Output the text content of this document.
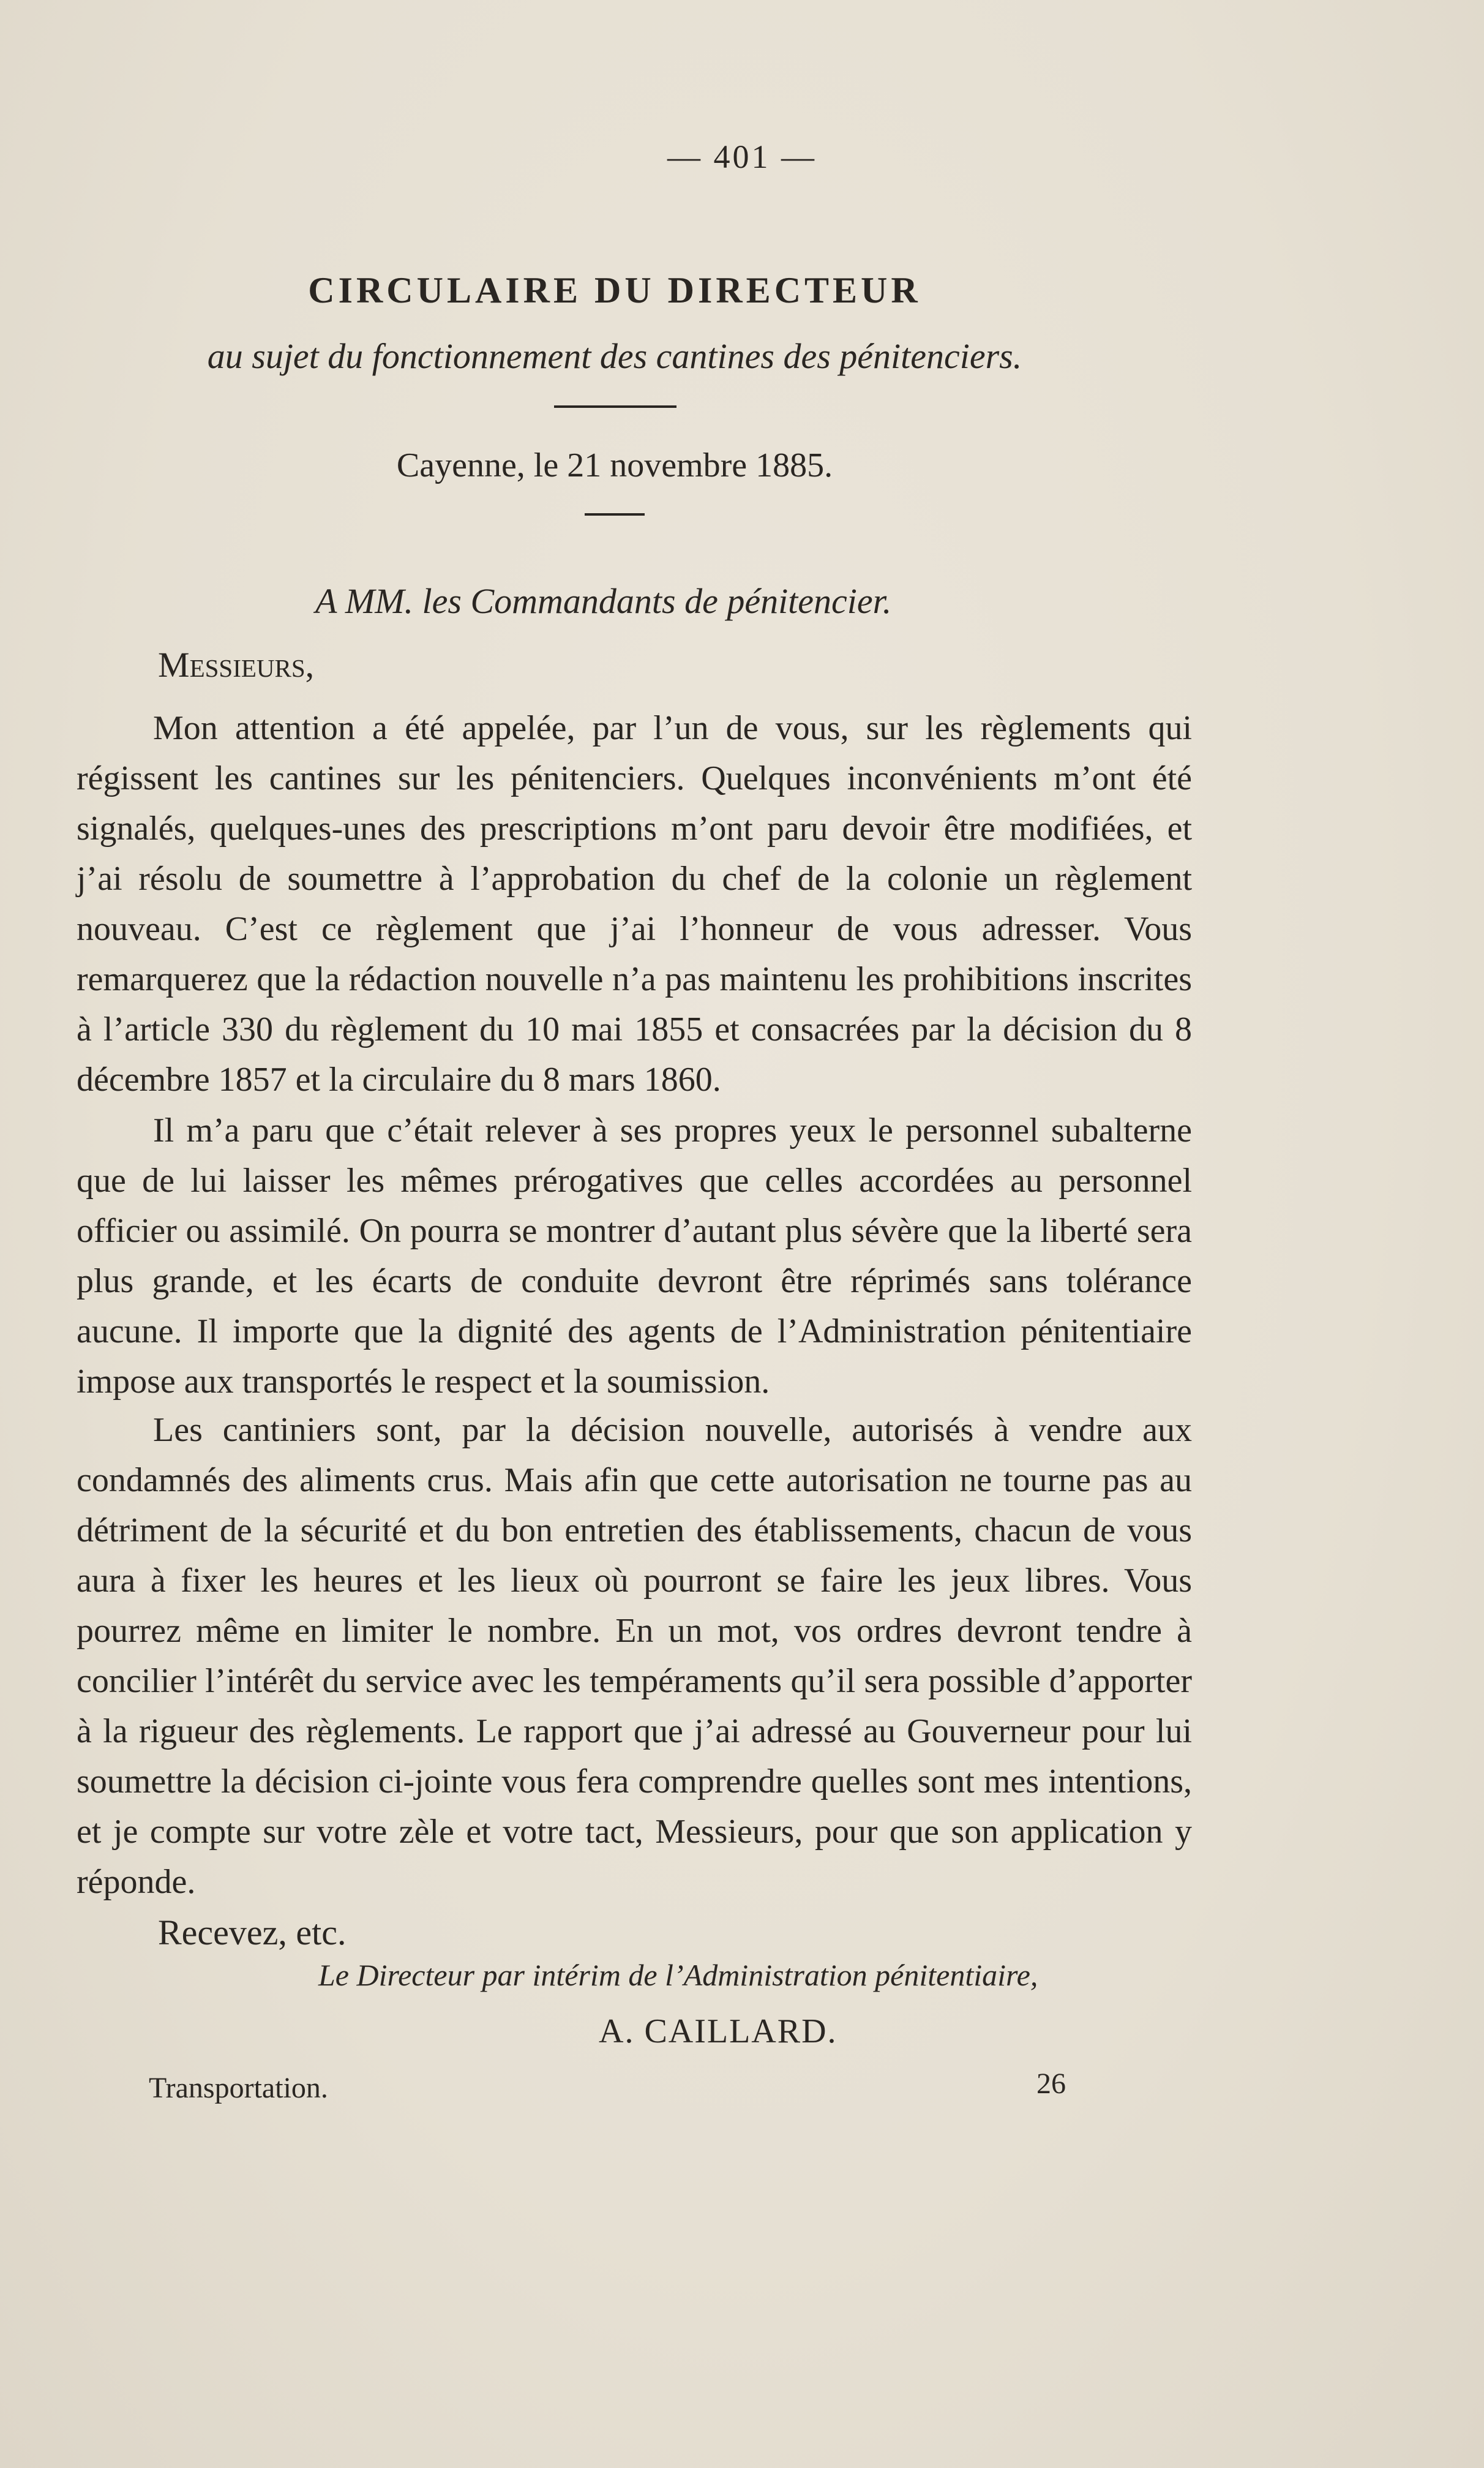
— 401 —
CIRCULAIRE DU DIRECTEUR
au sujet du fonctionnement des cantines des pénitenciers.
Cayenne, le 21 novembre 1885.
A MM. les Commandants de pénitencier.
Messieurs,
Mon attention a été appelée, par l’un de vous, sur les règlements qui régissent les cantines sur les pénitenciers. Quelques inconvénients m’ont été signalés, quelques-unes des prescriptions m’ont paru devoir être modifiées, et j’ai résolu de soumettre à l’approbation du chef de la colonie un règlement nouveau. C’est ce règlement que j’ai l’honneur de vous adresser. Vous remarquerez que la rédaction nouvelle n’a pas maintenu les prohibitions inscrites à l’article 330 du règlement du 10 mai 1855 et consacrées par la décision du 8 décembre 1857 et la circulaire du 8 mars 1860.
Il m’a paru que c’était relever à ses propres yeux le personnel subalterne que de lui laisser les mêmes prérogatives que celles accordées au personnel officier ou assimilé. On pourra se montrer d’autant plus sévère que la liberté sera plus grande, et les écarts de conduite devront être réprimés sans tolérance aucune. Il importe que la dignité des agents de l’Administration pénitentiaire impose aux transportés le respect et la soumission.
Les cantiniers sont, par la décision nouvelle, autorisés à vendre aux condamnés des aliments crus. Mais afin que cette autorisation ne tourne pas au détriment de la sécurité et du bon entretien des établissements, chacun de vous aura à fixer les heures et les lieux où pourront se faire les jeux libres. Vous pourrez même en limiter le nombre. En un mot, vos ordres devront tendre à concilier l’intérêt du service avec les tempéraments qu’il sera possible d’apporter à la rigueur des règlements. Le rapport que j’ai adressé au Gouverneur pour lui soumettre la décision ci-jointe vous fera comprendre quelles sont mes intentions, et je compte sur votre zèle et votre tact, Messieurs, pour que son application y réponde.
Recevez, etc.
Le Directeur par intérim de l’Administration pénitentiaire,
A. CAILLARD.
Transportation.	26
